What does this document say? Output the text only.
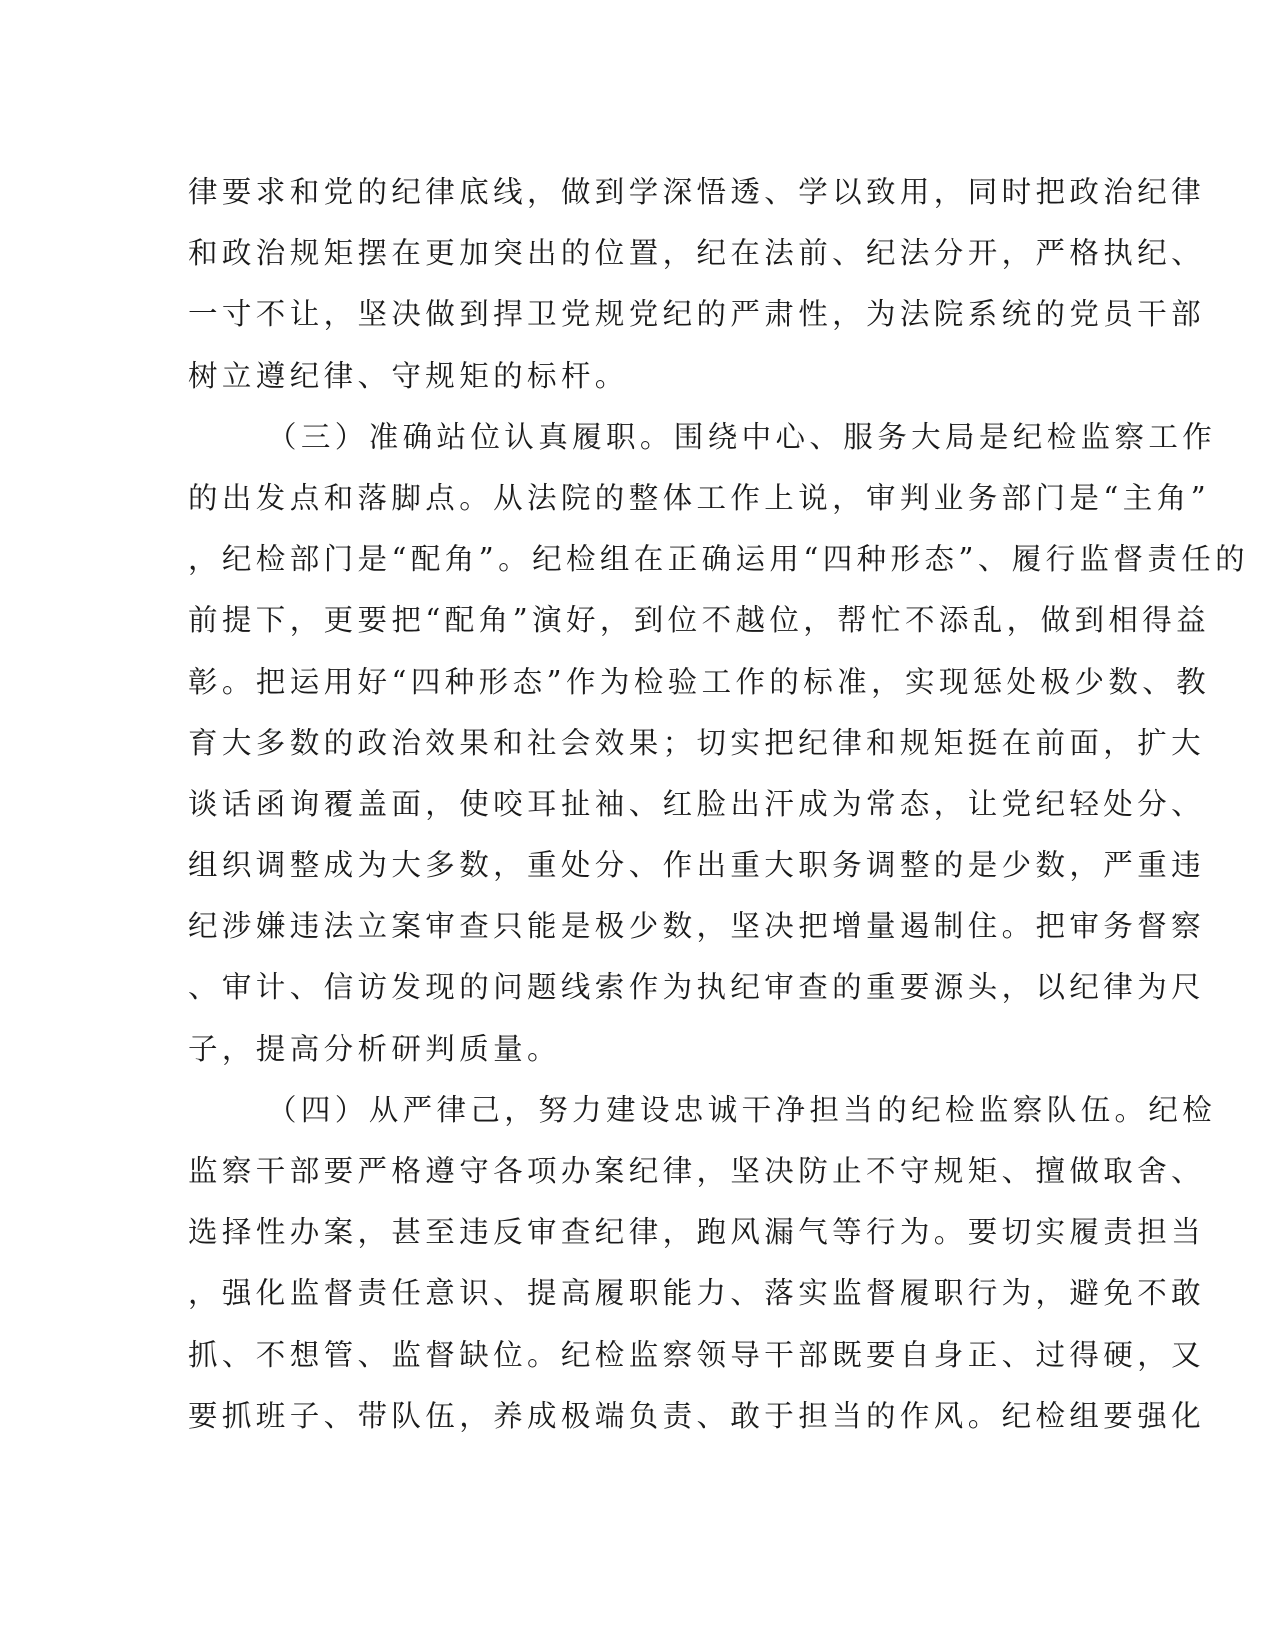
律要求和党的纪律底线，做到学深悟透、学以致用，同时把政治纪律
和政治规矩摆在更加突出的位置，纪在法前、纪法分开，严格执纪、
一寸不让，坚决做到捍卫党规党纪的严肃性，为法院系统的党员干部
树立遵纪律、守规矩的标杆。
（三）准确站位认真履职。围绕中心、服务大局是纪检监察工作
的出发点和落脚点。从法院的整体工作上说，审判业务部门是“主角”
，纪检部门是“配角”。纪检组在正确运用“四种形态”、履行监督责任的
前提下，更要把“配角”演好，到位不越位，帮忙不添乱，做到相得益
彰。把运用好“四种形态”作为检验工作的标准，实现惩处极少数、教
育大多数的政治效果和社会效果；切实把纪律和规矩挺在前面，扩大
谈话函询覆盖面，使咬耳扯袖、红脸出汗成为常态，让党纪轻处分、
组织调整成为大多数，重处分、作出重大职务调整的是少数，严重违
纪涉嫌违法立案审查只能是极少数，坚决把增量遏制住。把审务督察
、审计、信访发现的问题线索作为执纪审查的重要源头，以纪律为尺
子，提高分析研判质量。
（四）从严律己，努力建设忠诚干净担当的纪检监察队伍。纪检
监察干部要严格遵守各项办案纪律，坚决防止不守规矩、擅做取舍、
选择性办案，甚至违反审查纪律，跑风漏气等行为。要切实履责担当
，强化监督责任意识、提高履职能力、落实监督履职行为，避免不敢
抓、不想管、监督缺位。纪检监察领导干部既要自身正、过得硬，又
要抓班子、带队伍，养成极端负责、敢于担当的作风。纪检组要强化
